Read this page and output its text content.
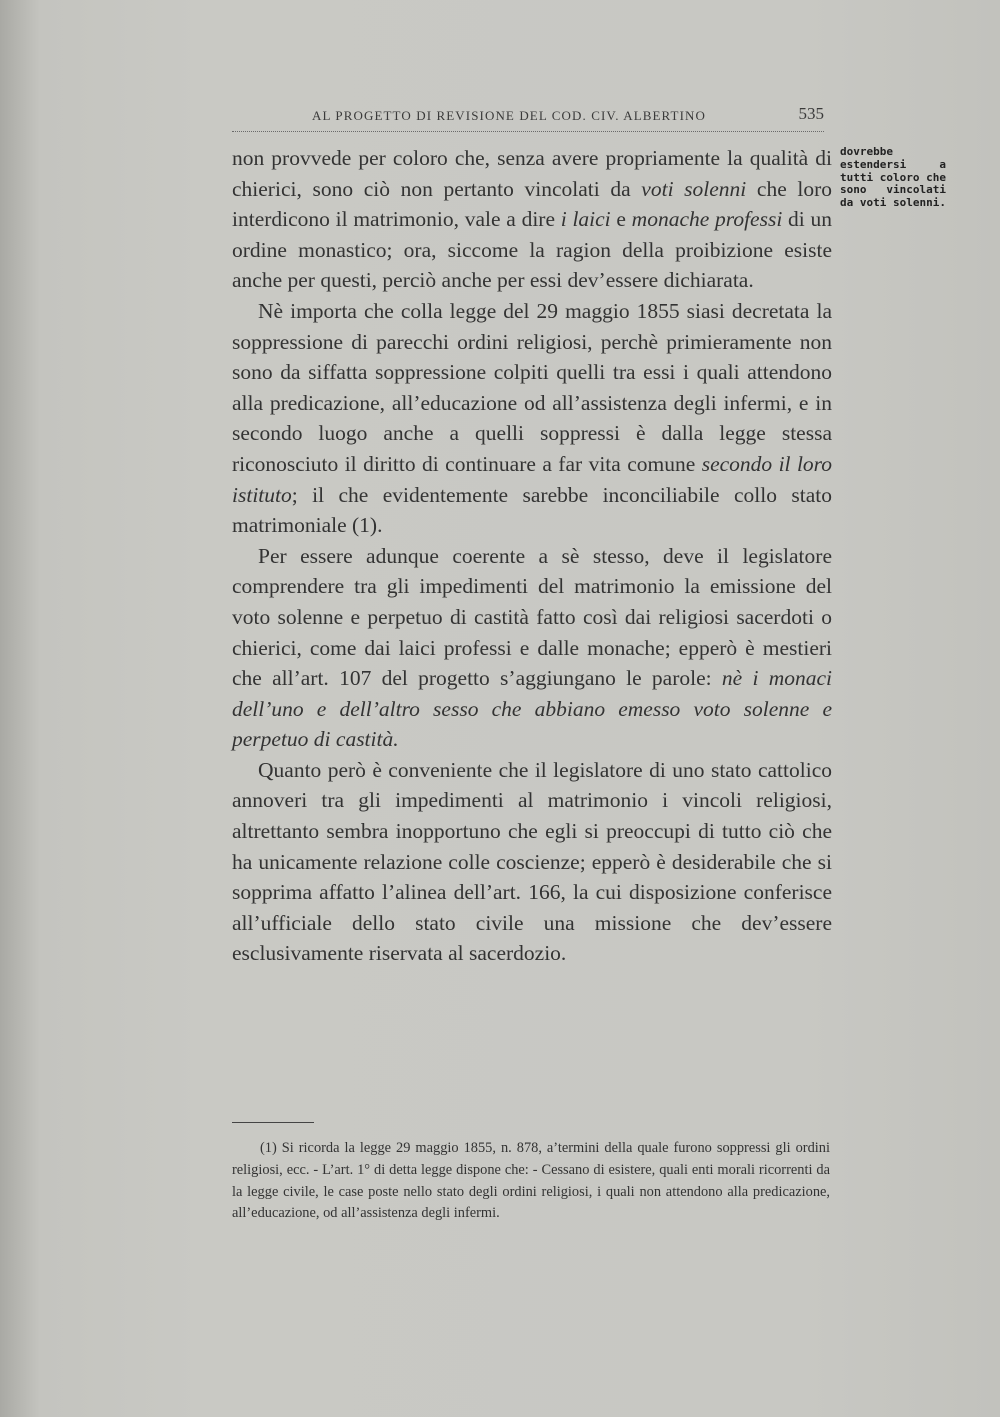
AL PROGETTO DI REVISIONE DEL COD. CIV. ALBERTINO	535

non provvede per coloro che, senza avere propriamente la qualità di chierici, sono ciò non pertanto vincolati da voti solenni che loro interdicono il matrimonio, vale a dire i laici e monache professi di un ordine monastico; ora, siccome la ragion della proibizione esiste anche per questi, perciò anche per essi dev’essere dichiarata.

Nè importa che colla legge del 29 maggio 1855 siasi decretata la soppressione di parecchi ordini religiosi, perchè primieramente non sono da siffatta soppressione colpiti quelli tra essi i quali attendono alla predicazione, all’educazione od all’assistenza degli infermi, e in secondo luogo anche a quelli soppressi è dalla legge stessa riconosciuto il diritto di continuare a far vita comune secondo il loro istituto; il che evidentemente sarebbe inconciliabile collo stato matrimoniale (1).

Per essere adunque coerente a sè stesso, deve il legislatore comprendere tra gli impedimenti del matrimonio la emissione del voto solenne e perpetuo di castità fatto così dai religiosi sacerdoti o chierici, come dai laici professi e dalle monache; epperò è mestieri che all’art. 107 del progetto s’aggiungano le parole: nè i monaci dell’uno e dell’altro sesso che abbiano emesso voto solenne e perpetuo di castità.

Quanto però è conveniente che il legislatore di uno stato cattolico annoveri tra gli impedimenti al matrimonio i vincoli religiosi, altrettanto sembra inopportuno che egli si preoccupi di tutto ciò che ha unicamente relazione colle coscienze; epperò è desiderabile che si sopprima affatto l’alinea dell’art. 166, la cui disposizione conferisce all’ufficiale dello stato civile una missione che dev’essere esclusivamente riservata al sacerdozio.

dovrebbe estendersi a tutti coloro che sono vincolati da voti solenni.
(1) Si ricorda la legge 29 maggio 1855, n. 878, a’termini della quale furono soppressi gli ordini religiosi, ecc. - L’art. 1° di detta legge dispone che: - Cessano di esistere, quali enti morali ricorrenti da la legge civile, le case poste nello stato degli ordini religiosi, i quali non attendono alla predicazione, all’educazione, od all’assistenza degli infermi.
